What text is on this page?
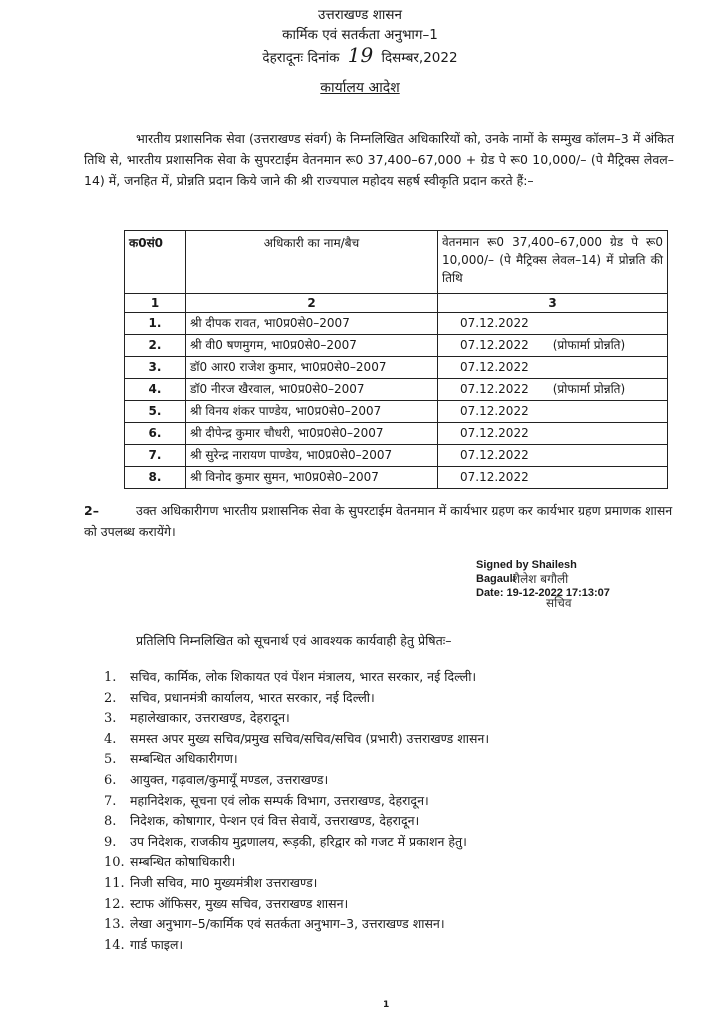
उत्तराखण्ड शासन
कार्मिक एवं सतर्कता अनुभाग–1
देहरादूनः दिनांक 19 दिसम्बर,2022
कार्यालय आदेश
भारतीय प्रशासनिक सेवा (उत्तराखण्ड संवर्ग) के निम्नलिखित अधिकारियों को, उनके नामों के सम्मुख कॉलम–3 में अंकित तिथि से, भारतीय प्रशासनिक सेवा के सुपरटाईम वेतनमान रू0 37,400–67,000 + ग्रेड पे रू0 10,000/– (पे मैट्रिक्स लेवल–14) में, जनहित में, प्रोन्नति प्रदान किये जाने की श्री राज्यपाल महोदय सहर्ष स्वीकृति प्रदान करते हैं:–
क0सं0	अधिकारी का नाम/बैच	वेतनमान रू0 37,400–67,000 ग्रेड पे रू0 10,000/– (पे मैट्रिक्स लेवल–14) में प्रोन्नति की तिथि
1	2	3
1.	श्री दीपक रावत, भा0प्र0से0–2007	07.12.2022
2.	श्री वी0 षणमुगम, भा0प्र0से0–2007	07.12.2022 (प्रोफार्मा प्रोन्नति)
3.	डॉ0 आर0 राजेश कुमार, भा0प्र0से0–2007	07.12.2022
4.	डॉ0 नीरज खैरवाल, भा0प्र0से0–2007	07.12.2022 (प्रोफार्मा प्रोन्नति)
5.	श्री विनय शंकर पाण्डेय, भा0प्र0से0–2007	07.12.2022
6.	श्री दीपेन्द्र कुमार चौधरी, भा0प्र0से0–2007	07.12.2022
7.	श्री सुरेन्द्र नारायण पाण्डेय, भा0प्र0से0–2007	07.12.2022
8.	श्री विनोद कुमार सुमन, भा0प्र0से0–2007	07.12.2022
2–	उक्त अधिकारीगण भारतीय प्रशासनिक सेवा के सुपरटाईम वेतनमान में कार्यभार ग्रहण कर कार्यभार ग्रहण प्रमाणक शासन को उपलब्ध करायेंगे।
Signed by Shailesh
Bagauli
Date: 19-12-2022 17:13:07
शैलेश बगौली
सचिव
प्रतिलिपि निम्नलिखित को सूचनार्थ एवं आवश्यक कार्यवाही हेतु प्रेषितः–
1. सचिव, कार्मिक, लोक शिकायत एवं पेंशन मंत्रालय, भारत सरकार, नई दिल्ली।
2. सचिव, प्रधानमंत्री कार्यालय, भारत सरकार, नई दिल्ली।
3. महालेखाकार, उत्तराखण्ड, देहरादून।
4. समस्त अपर मुख्य सचिव/प्रमुख सचिव/सचिव/सचिव (प्रभारी) उत्तराखण्ड शासन।
5. सम्बन्धित अधिकारीगण।
6. आयुक्त, गढ़वाल/कुमायूँ मण्डल, उत्तराखण्ड।
7. महानिदेशक, सूचना एवं लोक सम्पर्क विभाग, उत्तराखण्ड, देहरादून।
8. निदेशक, कोषागार, पेन्शन एवं वित्त सेवायें, उत्तराखण्ड, देहरादून।
9. उप निदेशक, राजकीय मुद्रणालय, रूड़की, हरिद्वार को गजट में प्रकाशन हेतु।
10. सम्बन्धित कोषाधिकारी।
11. निजी सचिव, मा0 मुख्यमंत्रीश उत्तराखण्ड।
12. स्टाफ ऑफिसर, मुख्य सचिव, उत्तराखण्ड शासन।
13. लेखा अनुभाग–5/कार्मिक एवं सतर्कता अनुभाग–3, उत्तराखण्ड शासन।
14. गार्ड फाइल।
1
